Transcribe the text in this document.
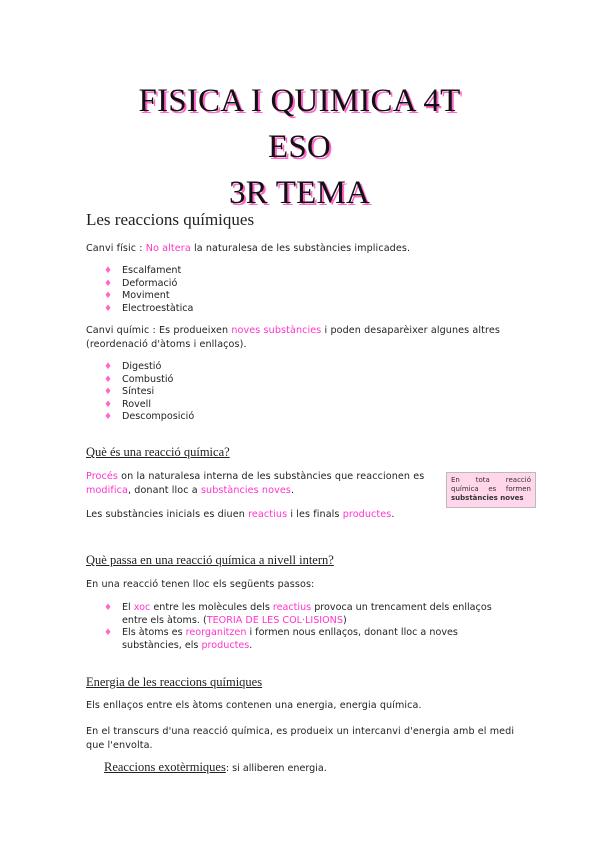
FISICA I QUIMICA 4T
ESO
3R TEMA
Les reaccions químiques
Canvi físic : No altera la naturalesa de les substàncies implicades.
♦ Escalfament
♦ Deformació
♦ Moviment
♦ Electroestàtica
Canvi químic : Es produeixen noves substàncies i poden desaparèixer algunes altres (reordenació d'àtoms i enllaços).
♦ Digestió
♦ Combustió
♦ Síntesi
♦ Rovell
♦ Descomposició
Què és una reacció química?
Procés on la naturalesa interna de les substàncies que reaccionen es modifica, donant lloc a substàncies noves.
En tota reacció química es formen substàncies noves
Les substàncies inicials es diuen reactius i les finals productes.
Què passa en una reacció química a nivell intern?
En una reacció tenen lloc els següents passos:
♦ El xoc entre les molècules dels reactius provoca un trencament dels enllaços entre els àtoms. (TEORIA DE LES COL·LISIONS)
♦ Els àtoms es reorganitzen i formen nous enllaços, donant lloc a noves substàncies, els productes.
Energia de les reaccions químiques
Els enllaços entre els àtoms contenen una energia, energia química.
En el transcurs d'una reacció química, es produeix un intercanvi d'energia amb el medi que l'envolta.
Reaccions exotèrmiques: si alliberen energia.
